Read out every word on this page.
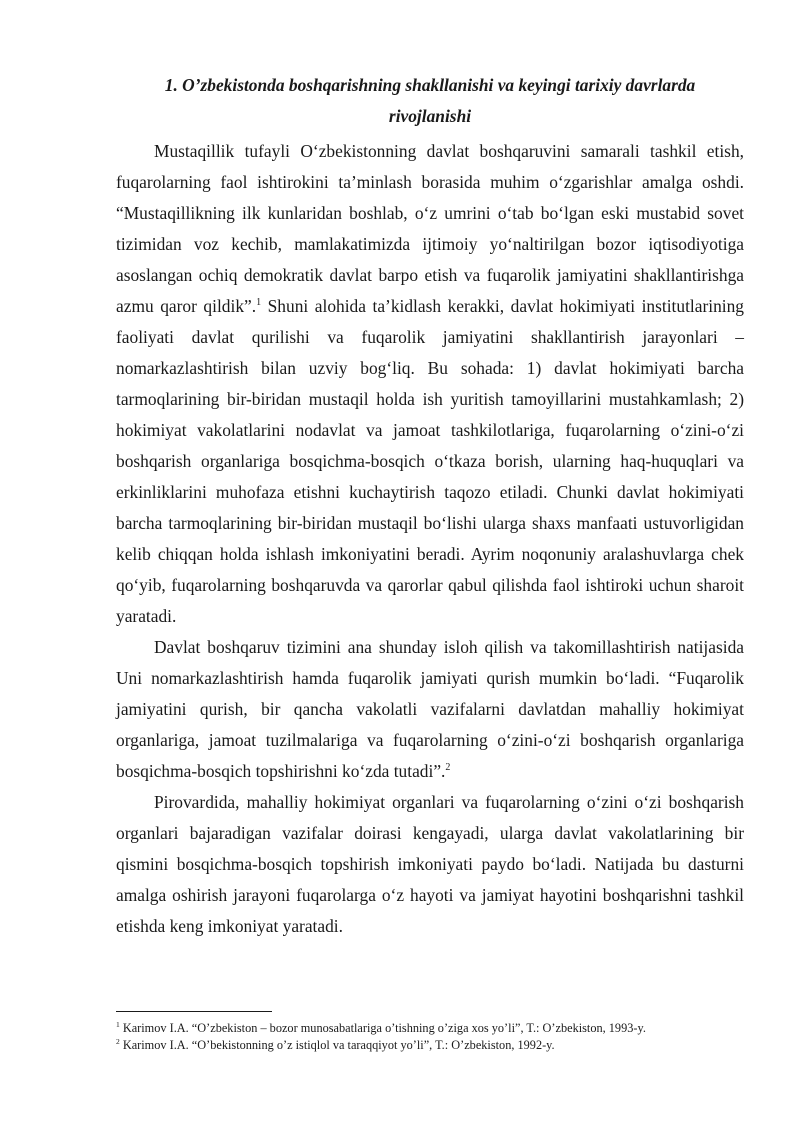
1. O’zbekistonda boshqarishning shakllanishi va keyingi tarixiy davrlarda
rivojlanishi

Mustaqillik tufayli O‘zbekistonning davlat boshqaruvini samarali tashkil etish, fuqarolarning faol ishtirokini ta’minlash borasida muhim o‘zgarishlar amalga oshdi. “Mustaqillikning ilk kunlaridan boshlab, o‘z umrini o‘tab bo‘lgan eski mustabid sovet tizimidan voz kechib, mamlakatimizda ijtimoiy yo‘naltirilgan bozor iqtisodiyotiga asoslangan ochiq demokratik davlat barpo etish va fuqarolik jamiyatini shakllantirishga azmu qaror qildik”.$^1$ Shuni alohida ta’kidlash kerakki, davlat hokimiyati institutlarining faoliyati davlat qurilishi va fuqarolik jamiyatini shakllantirish jarayonlari – nomarkazlashtirish bilan uzviy bog‘liq. Bu sohada: 1) davlat hokimiyati barcha tarmoqlarining bir-biridan mustaqil holda ish yuritish tamoyillarini mustahkamlash; 2) hokimiyat vakolatlarini nodavlat va jamoat tashkilotlariga, fuqarolarning o‘zini-o‘zi boshqarish organlariga bosqichma-bosqich o‘tkaza borish, ularning haq-huquqlari va erkinliklarini muhofaza etishni kuchaytirish taqozo etiladi. Chunki davlat hokimiyati barcha tarmoqlarining bir-biridan mustaqil bo‘lishi ularga shaxs manfaati ustuvorligidan kelib chiqqan holda ishlash imkoniyatini beradi. Ayrim noqonuniy aralashuvlarga chek qo‘yib, fuqarolarning boshqaruvda va qarorlar qabul qilishda faol ishtiroki uchun sharoit yaratadi.

Davlat boshqaruv tizimini ana shunday isloh qilish va takomillashtirish natijasida Uni nomarkazlashtirish hamda fuqarolik jamiyati qurish mumkin bo‘ladi. “Fuqarolik jamiyatini qurish, bir qancha vakolatli vazifalarni davlatdan mahalliy hokimiyat organlariga, jamoat tuzilmalariga va fuqarolarning o‘zini-o‘zi boshqarish organlariga bosqichma-bosqich topshirishni ko‘zda tutadi”.$^2$

Pirovardida, mahalliy hokimiyat organlari va fuqarolarning o‘zini o‘zi boshqarish organlari bajaradigan vazifalar doirasi kengayadi, ularga davlat vakolatlarining bir qismini bosqichma-bosqich topshirish imkoniyati paydo bo‘ladi. Natijada bu dasturni amalga oshirish jarayoni fuqarolarga o‘z hayoti va jamiyat hayotini boshqarishni tashkil etishda keng imkoniyat yaratadi.

$^1$ Karimov I.A. “O’zbekiston – bozor munosabatlariga o’tishning o’ziga xos yo’li”, T.: O’zbekiston, 1993-y.
$^2$ Karimov I.A. “O’bekistonning o’z istiqlol va taraqqiyot yo’li”, T.: O’zbekiston, 1992-y.
